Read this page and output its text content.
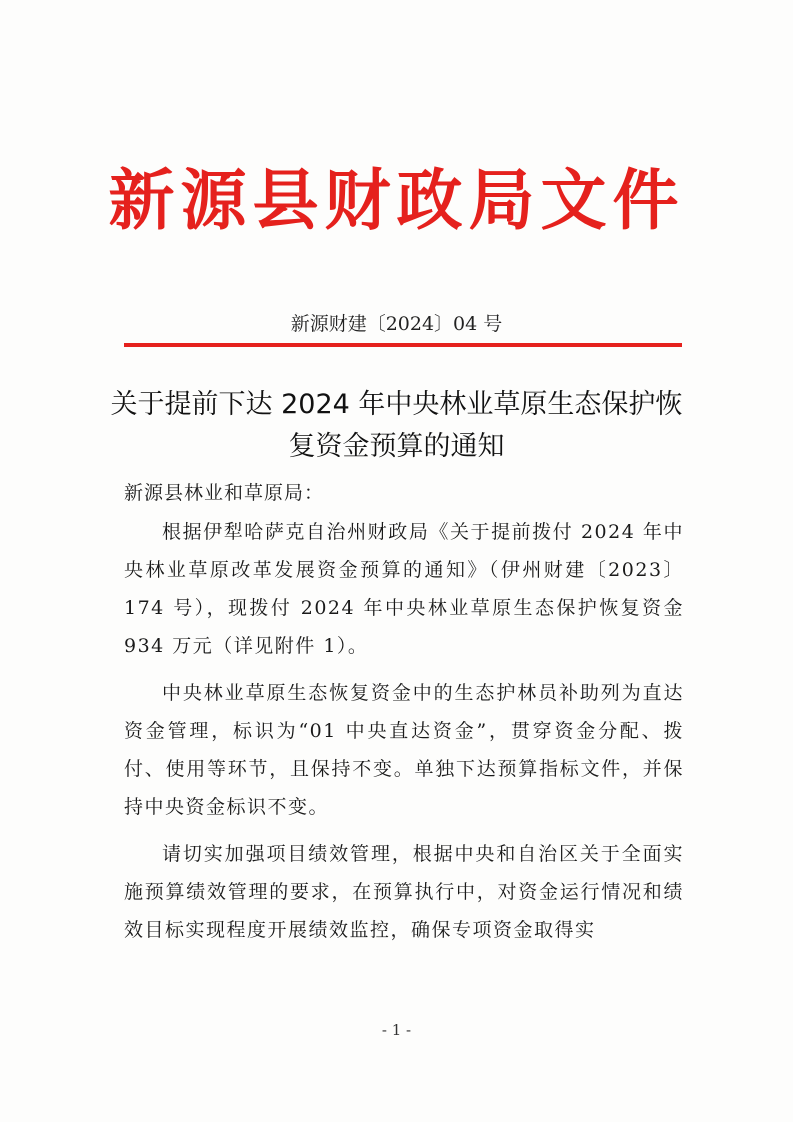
新源县财政局文件
新源财建〔2024〕04 号
关于提前下达 2024 年中央林业草原生态保护恢
复资金预算的通知
新源县林业和草原局：

根据伊犁哈萨克自治州财政局《关于提前拨付 2024 年中央林业草原改革发展资金预算的通知》（伊州财建〔2023〕174 号），现拨付 2024 年中央林业草原生态保护恢复资金 934 万元（详见附件 1）。

中央林业草原生态恢复资金中的生态护林员补助列为直达资金管理，标识为“01 中央直达资金”，贯穿资金分配、拨付、使用等环节，且保持不变。单独下达预算指标文件，并保持中央资金标识不变。

请切实加强项目绩效管理，根据中央和自治区关于全面实施预算绩效管理的要求，在预算执行中，对资金运行情况和绩效目标实现程度开展绩效监控，确保专项资金取得实

- 1 -
